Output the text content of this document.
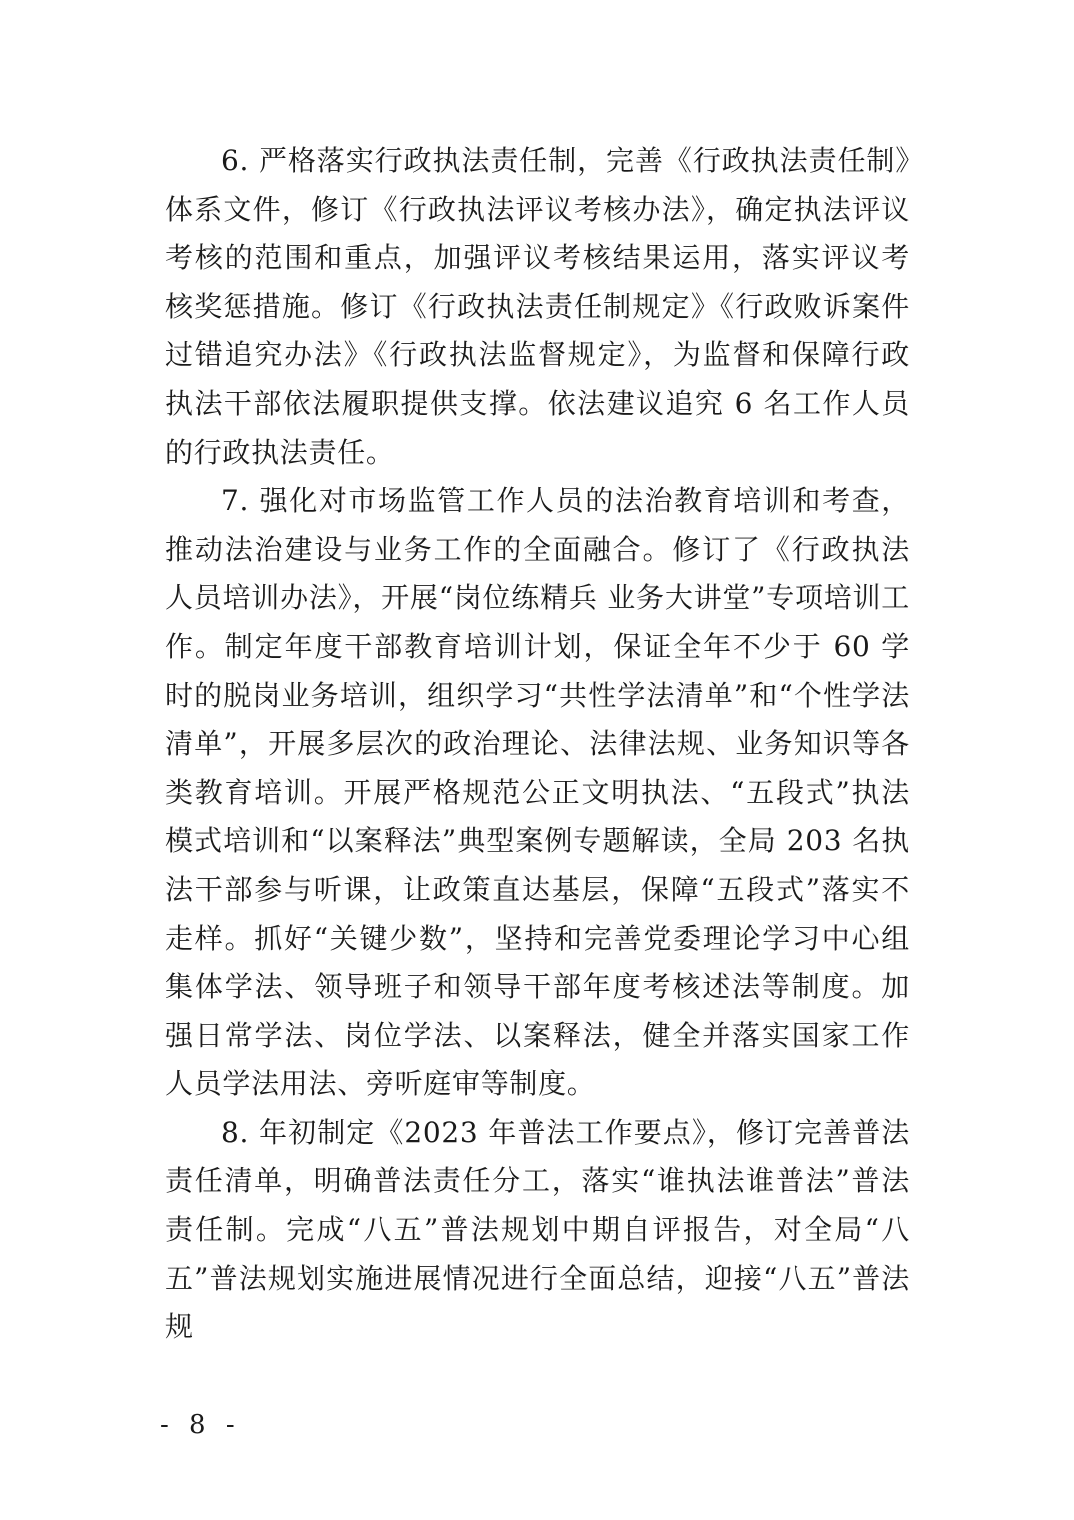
6. 严格落实行政执法责任制，完善《行政执法责任制》体系文件，修订《行政执法评议考核办法》，确定执法评议考核的范围和重点，加强评议考核结果运用，落实评议考核奖惩措施。修订《行政执法责任制规定》《行政败诉案件过错追究办法》《行政执法监督规定》，为监督和保障行政执法干部依法履职提供支撑。依法建议追究 6 名工作人员的行政执法责任。

7. 强化对市场监管工作人员的法治教育培训和考查，推动法治建设与业务工作的全面融合。修订了《行政执法人员培训办法》，开展“岗位练精兵 业务大讲堂”专项培训工作。制定年度干部教育培训计划，保证全年不少于 60 学时的脱岗业务培训，组织学习“共性学法清单”和“个性学法清单”，开展多层次的政治理论、法律法规、业务知识等各类教育培训。开展严格规范公正文明执法、“五段式”执法模式培训和“以案释法”典型案例专题解读，全局 203 名执法干部参与听课，让政策直达基层，保障“五段式”落实不走样。抓好“关键少数”，坚持和完善党委理论学习中心组集体学法、领导班子和领导干部年度考核述法等制度。加强日常学法、岗位学法、以案释法，健全并落实国家工作人员学法用法、旁听庭审等制度。

8. 年初制定《2023 年普法工作要点》，修订完善普法责任清单，明确普法责任分工，落实“谁执法谁普法”普法责任制。完成“八五”普法规划中期自评报告，对全局“八五”普法规划实施进展情况进行全面总结，迎接“八五”普法规

- 8 -
